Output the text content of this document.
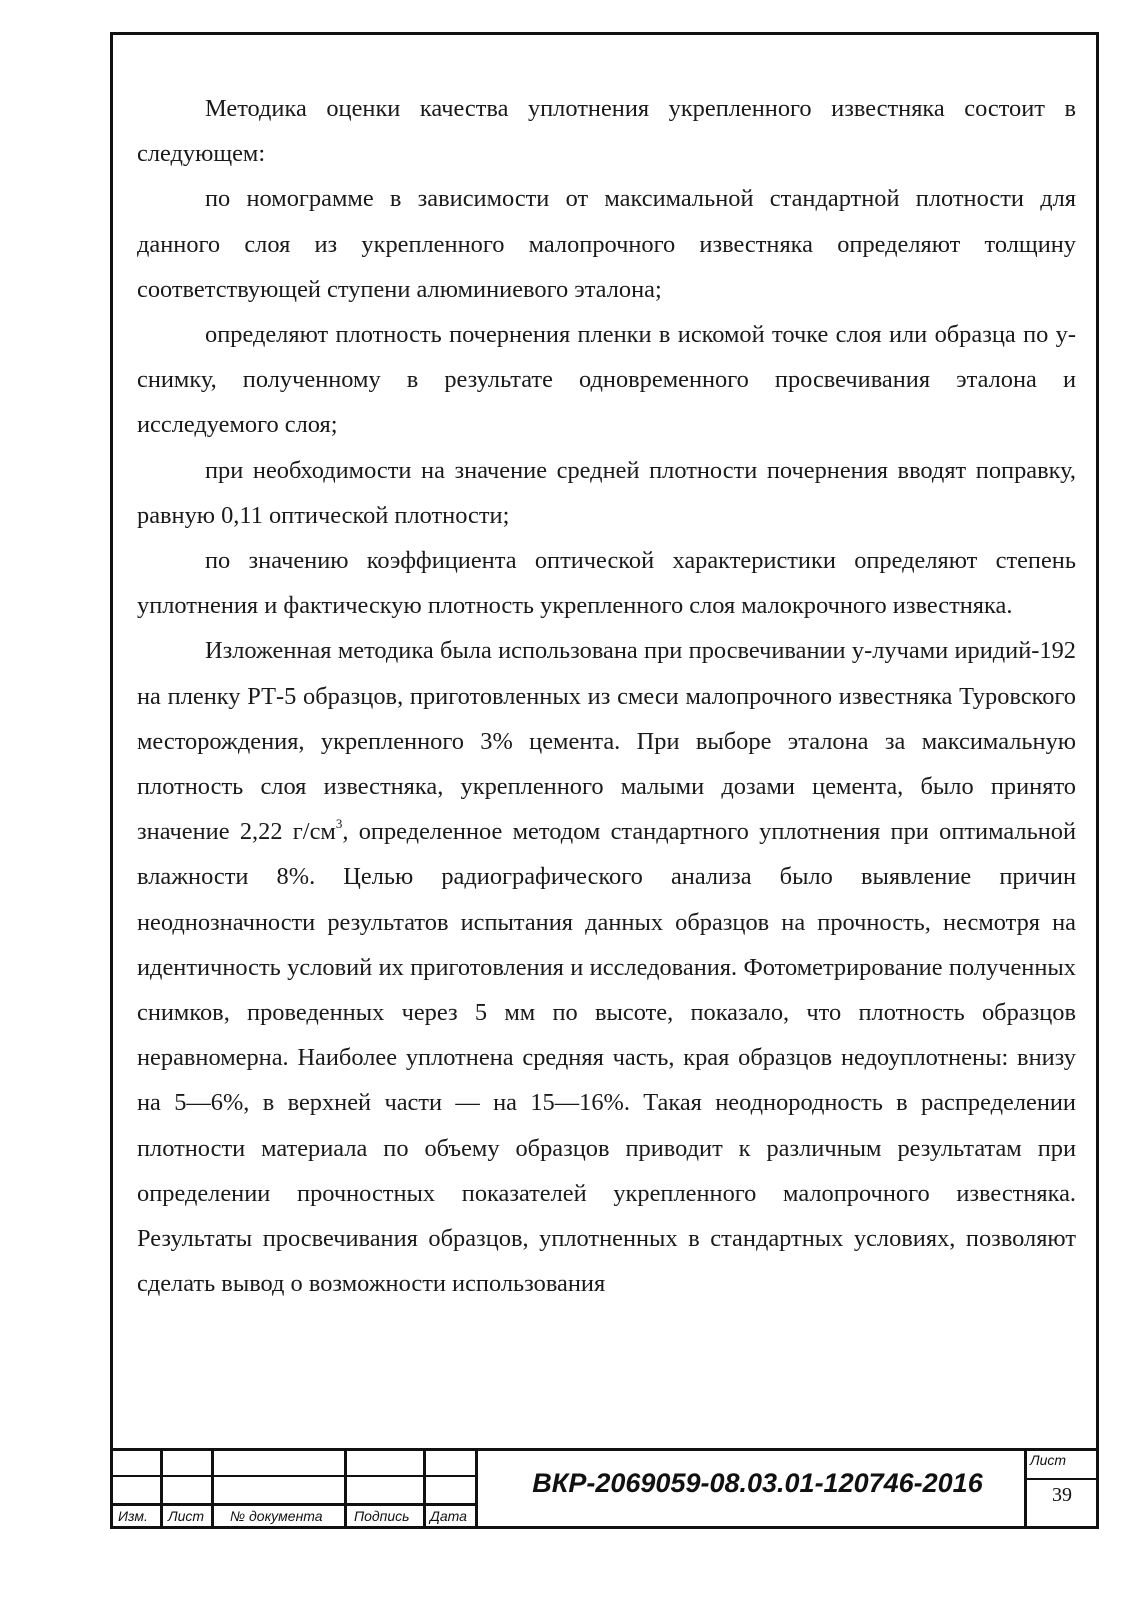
Методика оценки качества уплотнения укрепленного известняка состоит в следующем:

по номограмме в зависимости от максимальной стандартной плотности для данного слоя из укрепленного малопрочного известняка определяют толщину соответствующей ступени алюминиевого эталона;

определяют плотность почернения пленки в искомой точке слоя или образца по у-снимку, полученному в результате одновременного просвечивания эталона и исследуемого слоя;

при необходимости на значение средней плотности почернения вводят поправку, равную 0,11 оптической плотности;

по значению коэффициента оптической характеристики определяют степень уплотнения и фактическую плотность укрепленного слоя малокрочного известняка.

Изложенная методика была использована при просвечивании у-лучами иридий-192 на пленку РТ-5 образцов, приготовленных из смеси малопрочного известняка Туровского месторождения, укрепленного 3% цемента. При выборе эталона за максимальную плотность слоя известняка, укрепленного малыми дозами цемента, было принято значение 2,22 $г/см^3$, определенное методом стандартного уплотнения при оптимальной влажности 8%. Целью радиографического анализа было выявление причин неоднозначности результатов испытания данных образцов на прочность, несмотря на идентичность условий их приготовления и исследования. Фотометрирование полученных снимков, проведенных через 5 мм по высоте, показало, что плотность образцов неравномерна. Наиболее уплотнена средняя часть, края образцов недоуплотнены: внизу на 5—6%, в верхней части — на 15—16%. Такая неоднородность в распределении плотности материала по объему образцов приводит к различным результатам при определении прочностных показателей укрепленного малопрочного известняка. Результаты просвечивания образцов, уплотненных в стандартных условиях, позволяют сделать вывод о возможности использования

Изм. Лист № документа Подпись Дата
ВКР-2069059-08.03.01-120746-2016
Лист
39
